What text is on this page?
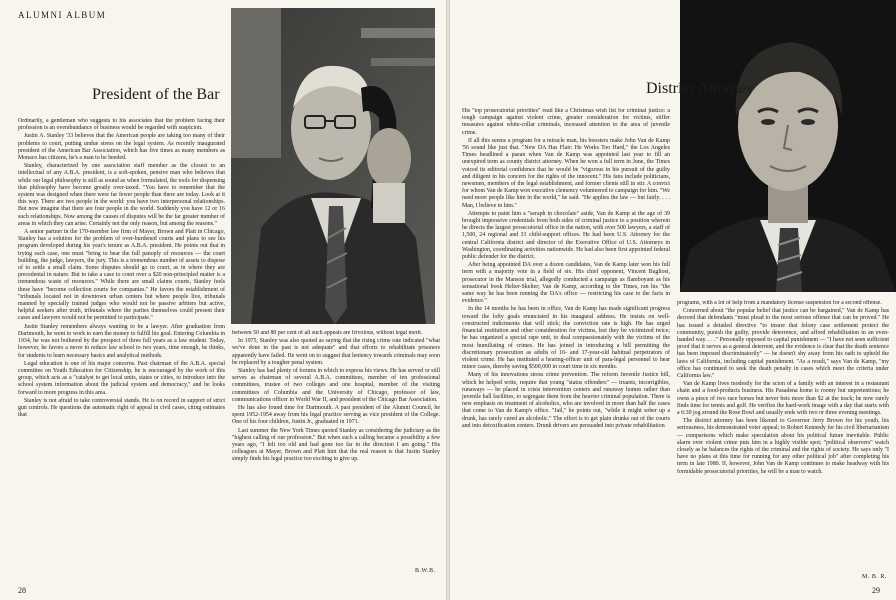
ALUMNI ALBUM
President of the Bar

Ordinarily, a gentleman who suggests to his associates that the problem facing their profession is an overabundance of business would be regarded with suspicion.

Justin A. Stanley '33 believes that the American people are taking too many of their problems to court, putting undue stress on the legal system. As recently inaugurated president of the American Bar Association, which has five times as many members as Monaco has citizens, he's a man to be heeded.

Stanley, characterized by one association staff member as the closest to an intellectual of any A.B.A. president, is a soft-spoken, pensive man who believes that while our legal philosophy is still as sound as when formulated, the tools for dispensing that philosophy have become greatly over-taxed. "You have to remember that the system was designed when there were far fewer people than there are today. Look at it this way. There are two people in the world: you have two interpersonal relationships. But now imagine that there are four people in the world. Suddenly you have 12 or 16 such relationships. Now among the causes of disputes will be the far greater number of areas in which they can arise. Certainly not the only reason, but among the reasons."

A senior partner in the 170-member law firm of Mayer, Brown and Platt in Chicago, Stanley has a solution for the problem of over-burdened courts and plans to see his program developed during his year's tenure as A.B.A. president. He points out that in trying each case, one must "bring to bear the full panoply of resources — the court building, the judge, lawyers, the jury. This is a tremendous number of assets to dispose of to settle a small claim. Some disputes should go to court, as in where they are precedental in nature. But to take a case to court over a $20 non-principled matter is a tremendous waste of resources." While there are small claims courts, Stanley feels these have "become collection courts for companies." He favors the establishment of "tribunals located not in downtown urban centers but where people live, tribunals manned by specially trained judges who would not be passive arbiters but active, helpful seekers after truth, tribunals where the parties themselves could present their cases and lawyers would not be permitted to participate."

Justin Stanley remembers always wanting to be a lawyer. After graduation from Dartmouth, he went to work to earn the money to fulfill his goal. Entering Columbia in 1934, he was not bothered by the prospect of three full years as a law student. Today, however, he favors a move to reduce law school to two years, time enough, he thinks, for students to learn necessary basics and analytical methods.

Legal education is one of his major concerns. Past chairman of the A.B.A. special committee on Youth Education for Citizenship, he is encouraged by the work of this group, which acts as a "catalyst to get local units, states or cities, to introduce into the school system information about the judicial system and democracy," and he looks forward to more progress in this area.

Stanley is not afraid to take controversial stands. He is on record in support of strict gun controls. He questions the automatic right of appeal in civil cases, citing estimates that

between 50 and 80 per cent of all such appeals are frivolous, without legal merit.

In 1975, Stanley was also quoted as saying that the rising crime rate indicated "what we've done in the past is not adequate" and that efforts to rehabilitate prisoners apparently have failed. He went on to suggest that leniency towards criminals may soon be replaced by a tougher penal system.

Stanley has had plenty of forums in which to express his views. He has served or still serves as chairman of several A.B.A. committees, member of ten professional committees, trustee of two colleges and one hospital, member of the visiting committees of Columbia and the University of Chicago, professor of law, communications officer in World War II, and president of the Chicago Bar Association.

He has also found time for Dartmouth. A past president of the Alumni Council, he spent 1952-1954 away from his legal practice serving as vice president of the College. One of his four children, Justin Jr., graduated in 1971.

Last summer the New York Times quoted Stanley as considering the judiciary as the "highest calling of our profession." But when such a calling became a possibility a few years ago, "I felt too old and had gone too far in the direction I am going." His colleagues at Mayer, Brown and Platt hint that the real reason is that Justin Stanley simply finds his legal practice too exciting to give up.

B.W.B.
28
District Attorney

His "top prosecutorial priorities" read like a Christmas wish list for criminal justice: a tough campaign against violent crime, greater consideration for victims, stiffer measures against white-collar criminals, increased attention to the area of juvenile crime.

If all this seems a program for a miracle man, his boosters make John Van de Kamp '56 sound like just that. "New DA Has Flair: He Works Too Hard," the Los Angeles Times headlined a paean when Van de Kamp was appointed last year to fill an unexpired term as county district attorney. When he won a full term in June, the Times voiced its editorial confidence that he would be "vigorous in his pursuit of the guilty and diligent in his concern for the rights of the innocent." His fans include politicians, newsmen, members of the legal establishment, and former clients still in stir. A convict for whom Van de Kamp won executive clemency volunteered to campaign for him. "We need more people like him in the world," he said. "He applies the law — but fairly. . . . Man, I believe in him."

Attempts to paint him a "seraph in chocolate" aside, Van de Kamp at the age of 39 brought impressive credentials from both sides of criminal justice to a position wherein he directs the largest prosecutorial office in the nation, with over 500 lawyers, a staff of 1,500, 24 regional and 31 child-support offices. He had been U.S. Attorney for the central California district and director of the Executive Office of U.S. Attorneys in Washington, coordinating activities nationwide. He had also been first appointed federal public defender for the district.

After being appointed DA over a dozen candidates, Van de Kamp later won his full term with a majority vote in a field of six. His chief opponent, Vincent Bugliosi, prosecutor in the Manson trial, allegedly conducted a campaign as flamboyant as his sensational book Helter-Skelter; Van de Kamp, according to the Times, ran his "the same way he has been running the DA's office — restricting his case to the facts in evidence."

In the 14 months he has been in office, Van de Kamp has made significant progress toward the lofty goals enunciated in his inaugural address. He insists on well-constructed indictments that will stick; the conviction rate is high. He has urged financial restitution and other consideration for victims, lest they be victimized twice; he has organized a special rape unit, to deal compassionately with the victims of the most humiliating of crimes. He has joined in introducing a bill permitting the discretionary prosecution as adults of 16- and 17-year-old habitual perpetrators of violent crime. He has instituted a hearing-officer unit of para-legal personnel to hear minor cases, thereby saving $500,000 in court time in six months.

Many of his innovations stress crime prevention. The reform Juvenile Justice bill, which he helped write, require that young "status offenders" — truants, incorrigibles, runaways — be placed in crisis intervention centers and runaway homes rather than juvenile hall facilities, to segregate them from the heavier criminal population. There is new emphasis on treatment of alcoholics, who are involved in more than half the cases that come to Van de Kamp's office. "Jail," he points out, "while it might sober up a drunk, has rarely cured an alcoholic." The effort is to get plain drunks out of the courts and into detoxification centers. Drunk drivers are persuaded into private rehabilitation

programs, with a lot of help from a mandatory license suspension for a second offense.

Concerned about "the popular belief that justice can be bargained," Van de Kamp has decreed that defendants "must plead to the most serious offense that can be proved." He has issued a detailed directive "to insure that felony case settlement protect the community, punish the guilty, provide deterrence, and afford rehabilitation in an even-handed way. . . ." Personally opposed to capital punishment — "I have not seen sufficient proof that it serves as a general deterrent, and the evidence is clear that the death sentence has been imposed discriminatorily" — he doesn't shy away from his oath to uphold the laws of California, including capital punishment. "As a result," says Van de Kamp, "my office has continued to seek the death penalty in cases which meet the criteria under California law."

Van de Kamp lives modestly for the scion of a family with an interest in a restaurant chain and a food-products business. His Pasadena home is roomy but unpretentious; he owns a piece of two race horses but never bets more than $2 at the track; he now rarely finds time for tennis and golf. He verifies the hard-work image with a day that starts with a 6:30 jog around the Rose Bowl and usually ends with two or three evening meetings.

The district attorney has been likened to Governor Jerry Brown for his youth, his seriousness, his demonstrated voter appeal; to Robert Kennedy for his civil libertarianism — comparisons which make speculation about his political future inevitable. Public alarm over violent crime puts him in a highly visible spot; "political observers" watch closely as he balances the rights of the criminal and the rights of society. He says only "I have no plans at this time for running for any other political job" after completing his term in late 1980. If, however, John Van de Kamp continues to make headway with his formidable prosecutorial priorities, he will be a man to watch.

M. B. R.
29
